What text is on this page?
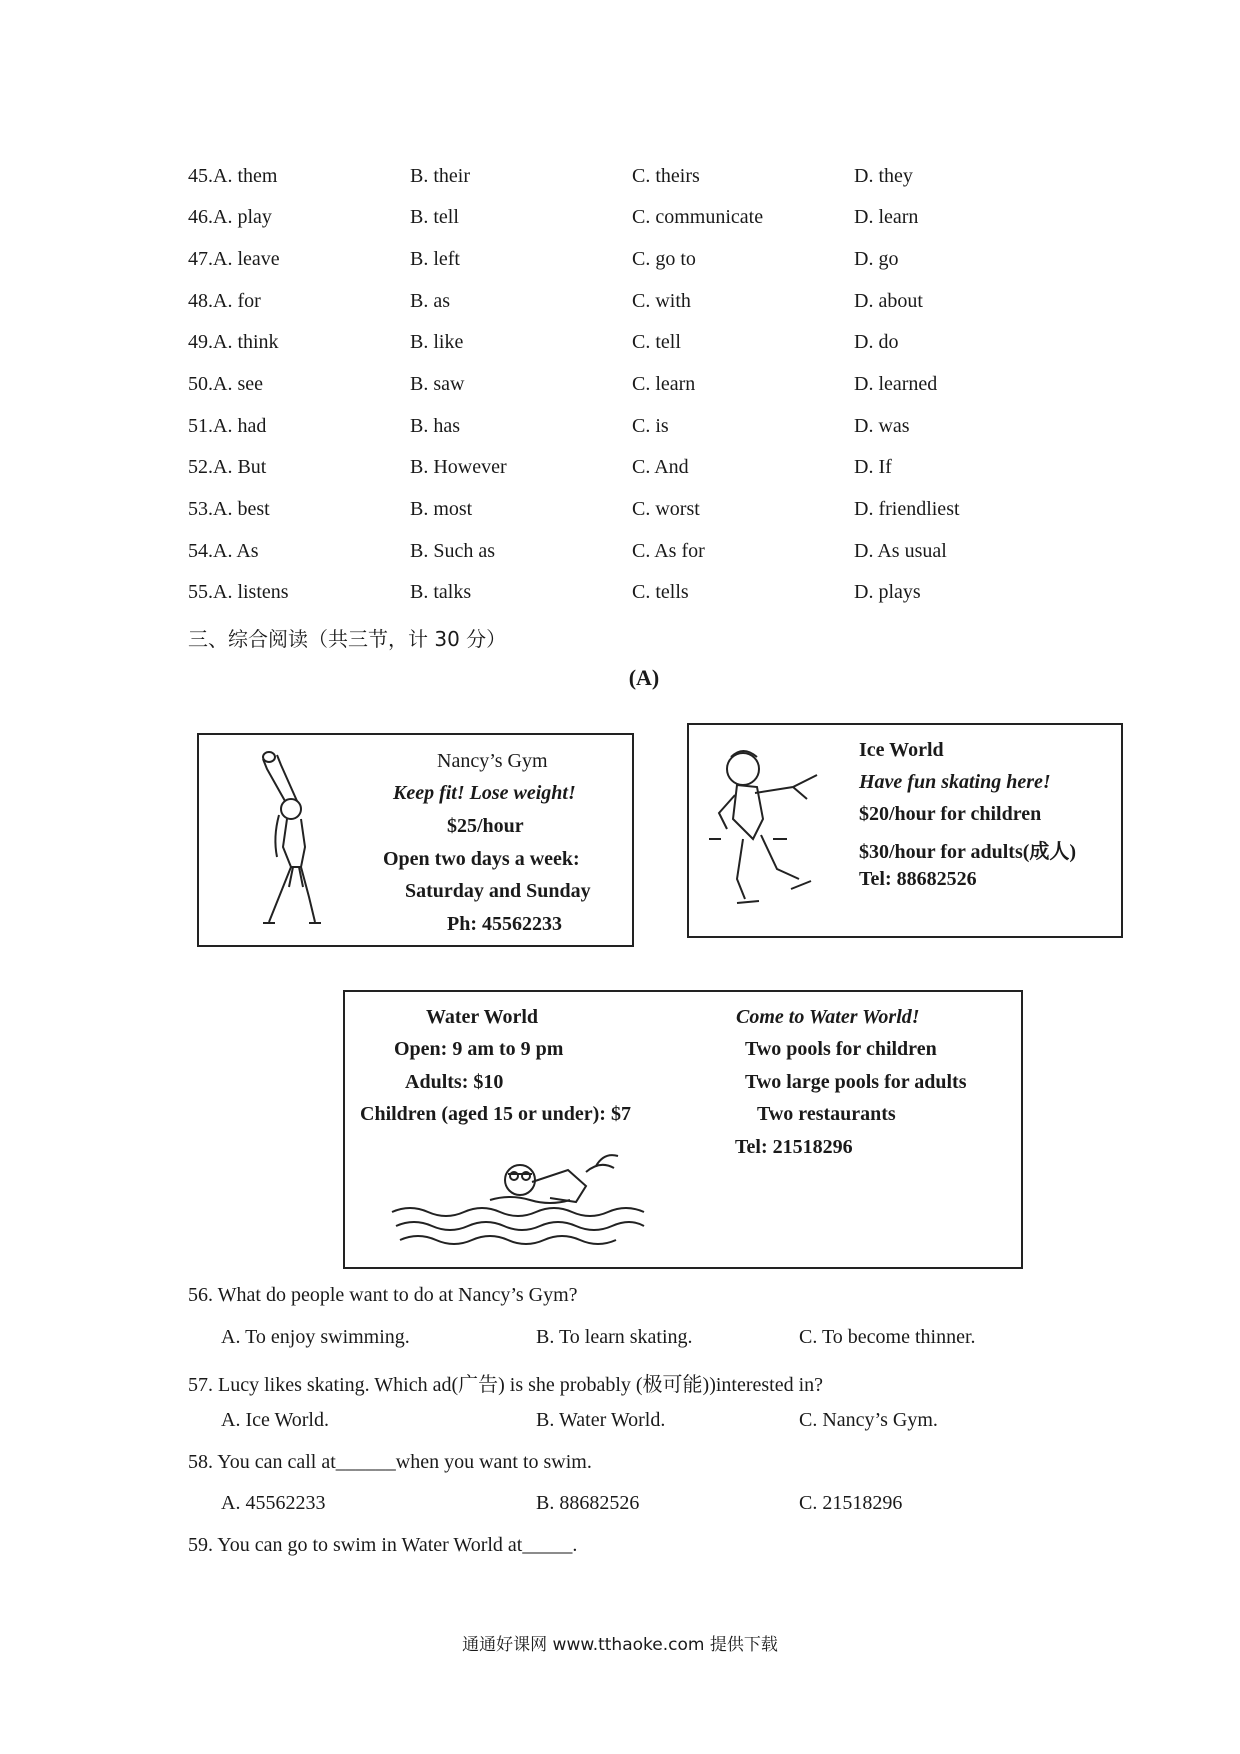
45.A. them	B. their	C. theirs	D. they
46.A. play	B. tell	C. communicate	D. learn
47.A. leave	B. left	C. go to	D. go
48.A. for	B. as	C. with	D. about
49.A. think	B. like	C. tell	D. do
50.A. see	B. saw	C. learn	D. learned
51.A. had	B. has	C. is	D. was
52.A. But	B. However	C. And	D. If
53.A. best	B. most	C. worst	D. friendliest
54.A. As	B. Such as	C. As for	D. As usual
55.A. listens	B. talks	C. tells	D. plays
三、综合阅读（共三节，计 30 分）
(A)
Nancy’s Gym
Keep fit! Lose weight!
$25/hour
Open two days a week:
Saturday and Sunday
Ph: 45562233
Ice World
Have fun skating here!
$20/hour for children
$30/hour for adults(成人)
Tel: 88682526
Water World
Open: 9 am to 9 pm
Adults: $10
Children (aged 15 or under): $7
Come to Water World!
Two pools for children
Two large pools for adults
Two restaurants
Tel: 21518296
56. What do people want to do at Nancy’s Gym?
A. To enjoy swimming.	B. To learn skating.	C. To become thinner.
57. Lucy likes skating. Which ad(广告) is she probably (极可能))interested in?
A. Ice World.	B. Water World.	C. Nancy’s Gym.
58. You can call at______when you want to swim.
A. 45562233	B. 88682526	C. 21518296
59. You can go to swim in Water World at_____.
通通好课网 www.tthaoke.com 提供下载
